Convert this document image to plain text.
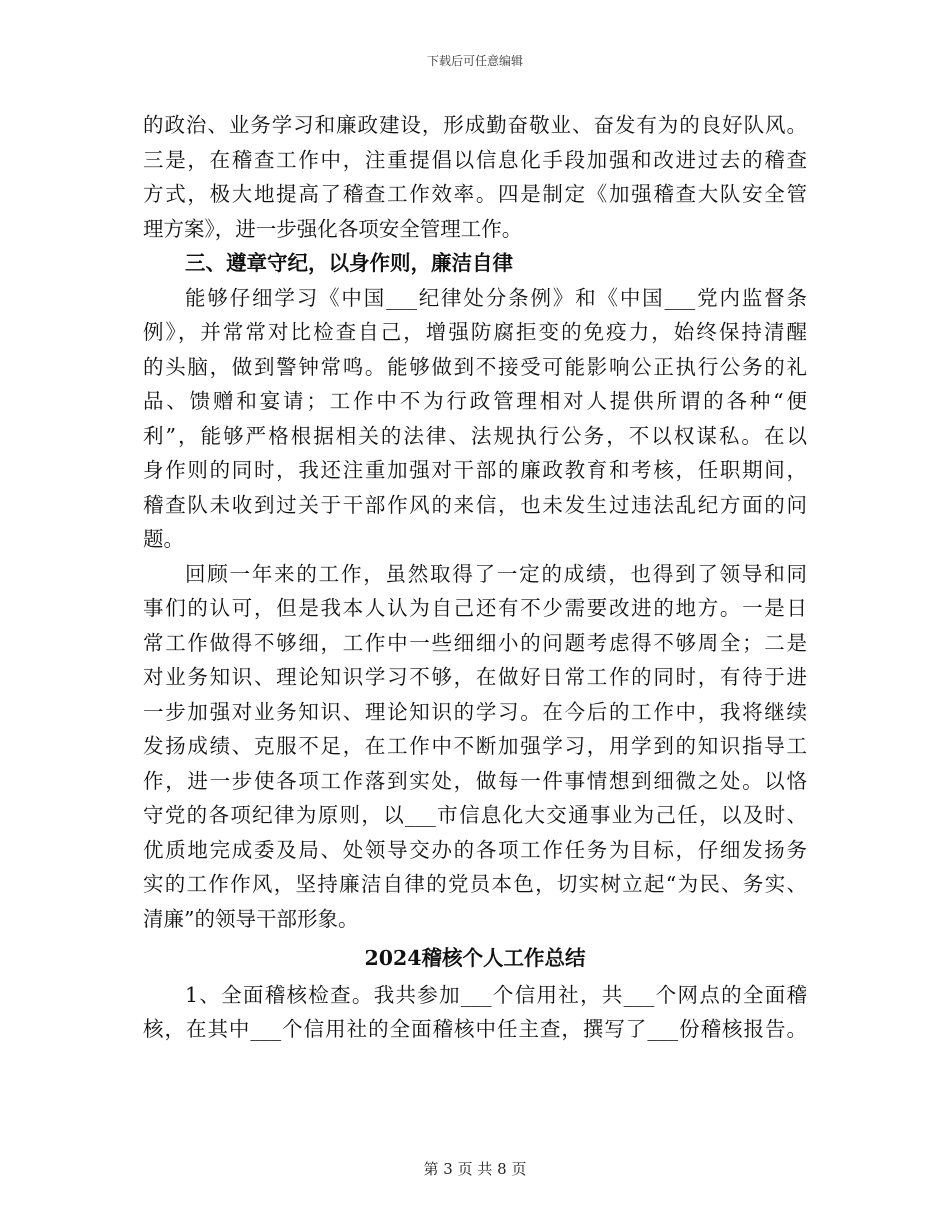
下载后可任意编辑
的政治、业务学习和廉政建设，形成勤奋敬业、奋发有为的良好队风。
三是，在稽查工作中，注重提倡以信息化手段加强和改进过去的稽查
方式，极大地提高了稽查工作效率。四是制定《加强稽查大队安全管
理方案》，进一步强化各项安全管理工作。
三、遵章守纪，以身作则，廉洁自律
能够仔细学习《中国___纪律处分条例》和《中国___党内监督条
例》，并常常对比检查自己，增强防腐拒变的免疫力，始终保持清醒
的头脑，做到警钟常鸣。能够做到不接受可能影响公正执行公务的礼
品、馈赠和宴请；工作中不为行政管理相对人提供所谓的各种“便
利”，能够严格根据相关的法律、法规执行公务，不以权谋私。在以
身作则的同时，我还注重加强对干部的廉政教育和考核，任职期间，
稽查队未收到过关于干部作风的来信，也未发生过违法乱纪方面的问
题。
回顾一年来的工作，虽然取得了一定的成绩，也得到了领导和同
事们的认可，但是我本人认为自己还有不少需要改进的地方。一是日
常工作做得不够细，工作中一些细细小的问题考虑得不够周全；二是
对业务知识、理论知识学习不够，在做好日常工作的同时，有待于进
一步加强对业务知识、理论知识的学习。在今后的工作中，我将继续
发扬成绩、克服不足，在工作中不断加强学习，用学到的知识指导工
作，进一步使各项工作落到实处，做每一件事情想到细微之处。以恪
守党的各项纪律为原则，以___市信息化大交通事业为己任，以及时、
优质地完成委及局、处领导交办的各项工作任务为目标，仔细发扬务
实的工作作风，坚持廉洁自律的党员本色，切实树立起“为民、务实、
清廉”的领导干部形象。
2024稽核个人工作总结
1、全面稽核检查。我共参加___个信用社，共___个网点的全面稽
核，在其中___个信用社的全面稽核中任主查，撰写了___份稽核报告。
第 3 页 共 8 页
